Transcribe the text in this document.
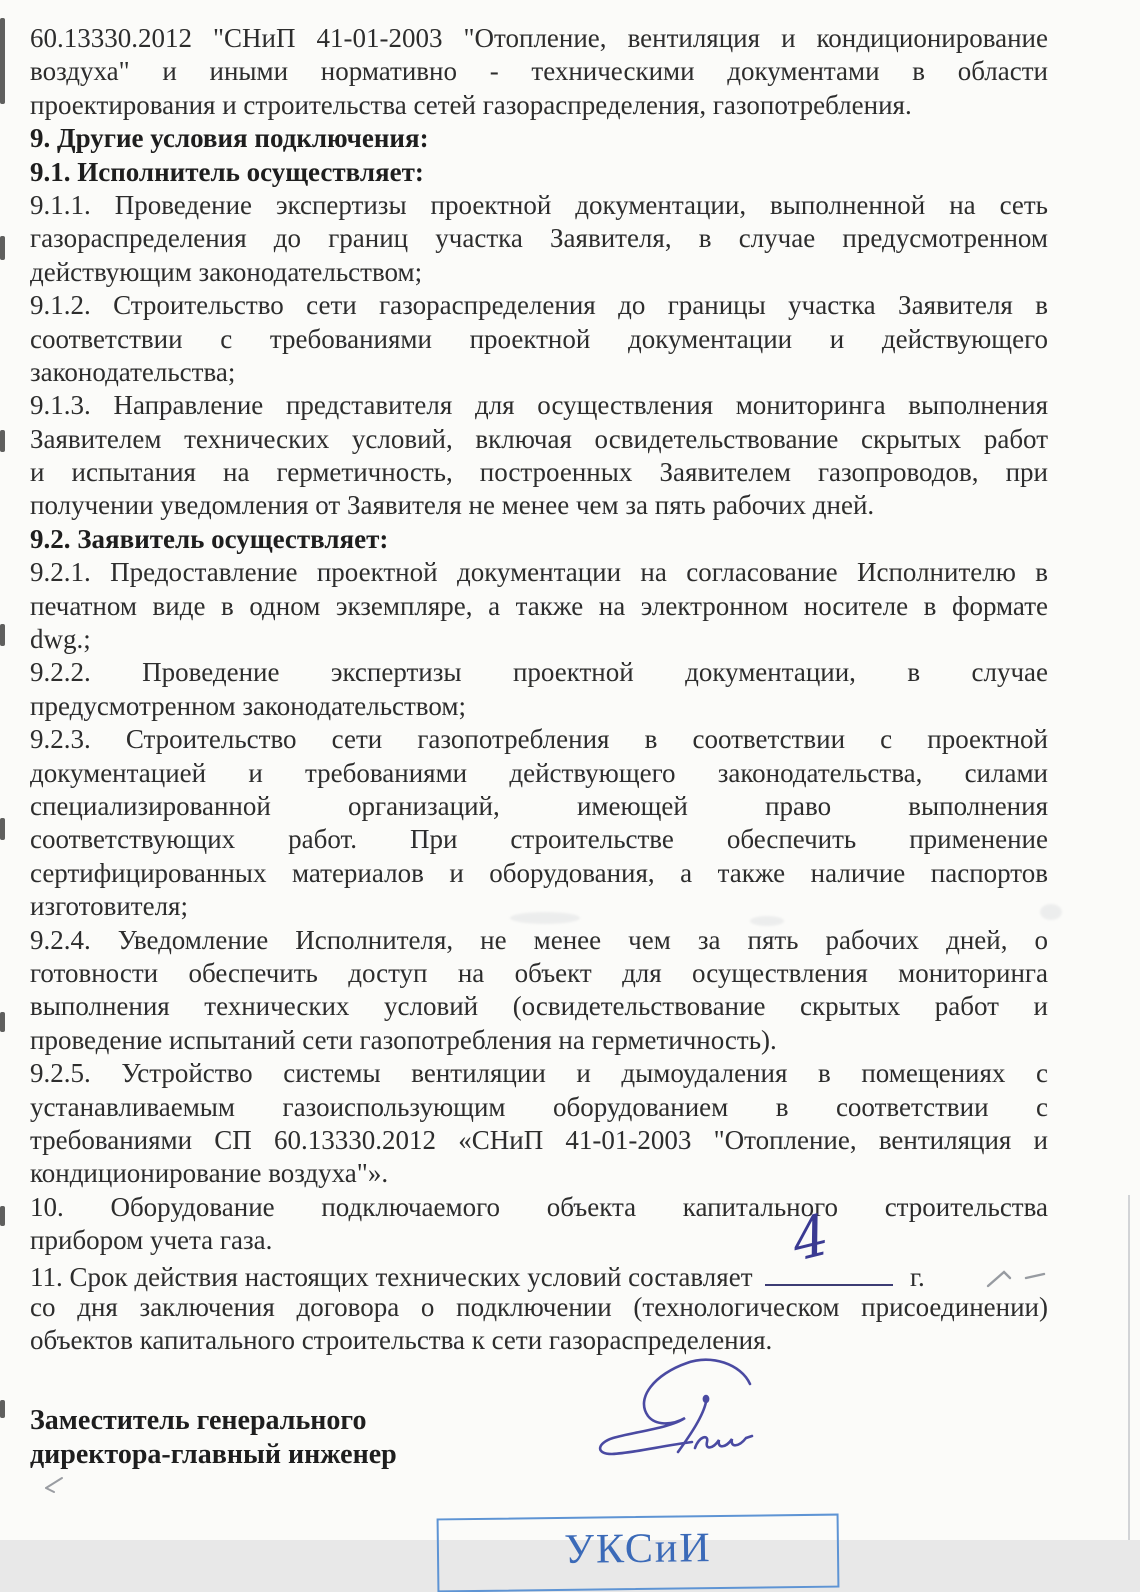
60.13330.2012 "СНиП 41-01-2003 "Отопление, вентиляция и кондиционирование
воздуха" и иными нормативно - техническими документами в области
проектирования и строительства сетей газораспределения, газопотребления.
9. Другие условия подключения:
9.1. Исполнитель осуществляет:
9.1.1. Проведение экспертизы проектной документации, выполненной на сеть
газораспределения до границ участка Заявителя, в случае предусмотренном
действующим законодательством;
9.1.2. Строительство сети газораспределения до границы участка Заявителя в
соответствии с требованиями проектной документации и действующего
законодательства;
9.1.3. Направление представителя для осуществления мониторинга выполнения
Заявителем технических условий, включая освидетельствование скрытых работ
и испытания на герметичность, построенных Заявителем газопроводов, при
получении уведомления от Заявителя не менее чем за пять рабочих дней.
9.2. Заявитель осуществляет:
9.2.1. Предоставление проектной документации на согласование Исполнителю в
печатном виде в одном экземпляре, а также на электронном носителе в формате
dwg.;
9.2.2. Проведение экспертизы проектной документации, в случае
предусмотренном законодательством;
9.2.3. Строительство сети газопотребления в соответствии с проектной
документацией и требованиями действующего законодательства, силами
специализированной организаций, имеющей право выполнения
соответствующих работ. При строительстве обеспечить применение
сертифицированных материалов и оборудования, а также наличие паспортов
изготовителя;
9.2.4. Уведомление Исполнителя, не менее чем за пять рабочих дней, о
готовности обеспечить доступ на объект для осуществления мониторинга
выполнения технических условий (освидетельствование скрытых работ и
проведение испытаний сети газопотребления на герметичность).
9.2.5. Устройство системы вентиляции и дымоудаления в помещениях с
устанавливаемым газоиспользующим оборудованием в соответствии с
требованиями СП 60.13330.2012 «СНиП 41-01-2003 "Отопление, вентиляция и
кондиционирование воздуха"».
10. Оборудование подключаемого объекта капитального строительства
прибором учета газа.
11. Срок действия настоящих технических условий составляет
4
г.
со дня заключения договора о подключении (технологическом присоединении)
объектов капитального строительства к сети газораспределения.
Заместитель генерального
директора-главный инженер
УКСиИ
